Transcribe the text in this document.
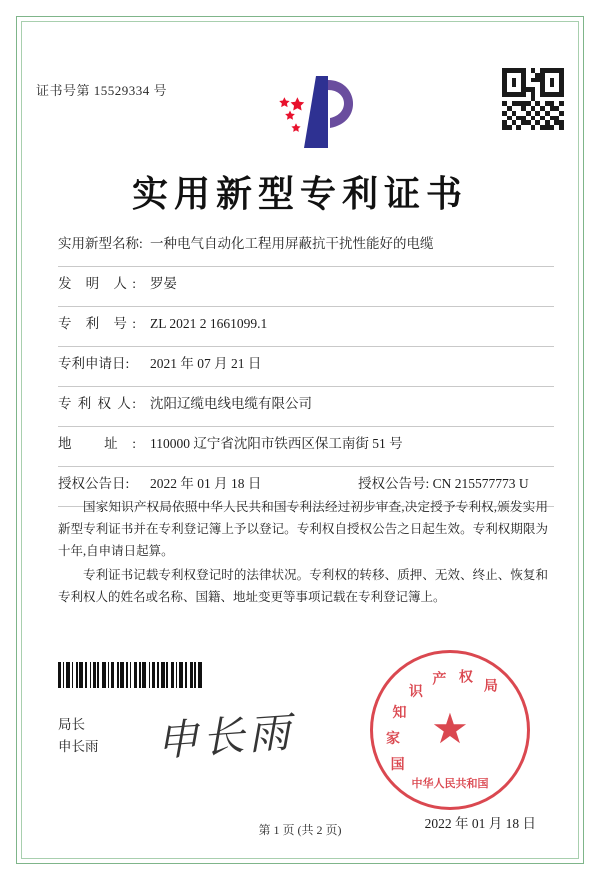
证书号第 15529334 号
实用新型专利证书
实用新型名称: 一种电气自动化工程用屏蔽抗干扰性能好的电缆
发 明 人: 罗晏
专 利 号: ZL 2021 2 1661099.1
专利申请日: 2021 年 07 月 21 日
专 利 权 人: 沈阳辽缆电线电缆有限公司
地 址: 110000 辽宁省沈阳市铁西区保工南街 51 号
授权公告日: 2022 年 01 月 18 日	授权公告号: CN 215577773 U

国家知识产权局依照中华人民共和国专利法经过初步审查,决定授予专利权,颁发实用新型专利证书并在专利登记簿上予以登记。专利权自授权公告之日起生效。专利权期限为十年,自申请日起算。

专利证书记载专利权登记时的法律状况。专利权的转移、质押、无效、终止、恢复和专利权人的姓名或名称、国籍、地址变更等事项记载在专利登记簿上。

局长
申长雨 申长雨	国
家
知
识
产 权
局
★
中华人民共和国
2022 年 01 月 18 日
第 1 页 (共 2 页)
